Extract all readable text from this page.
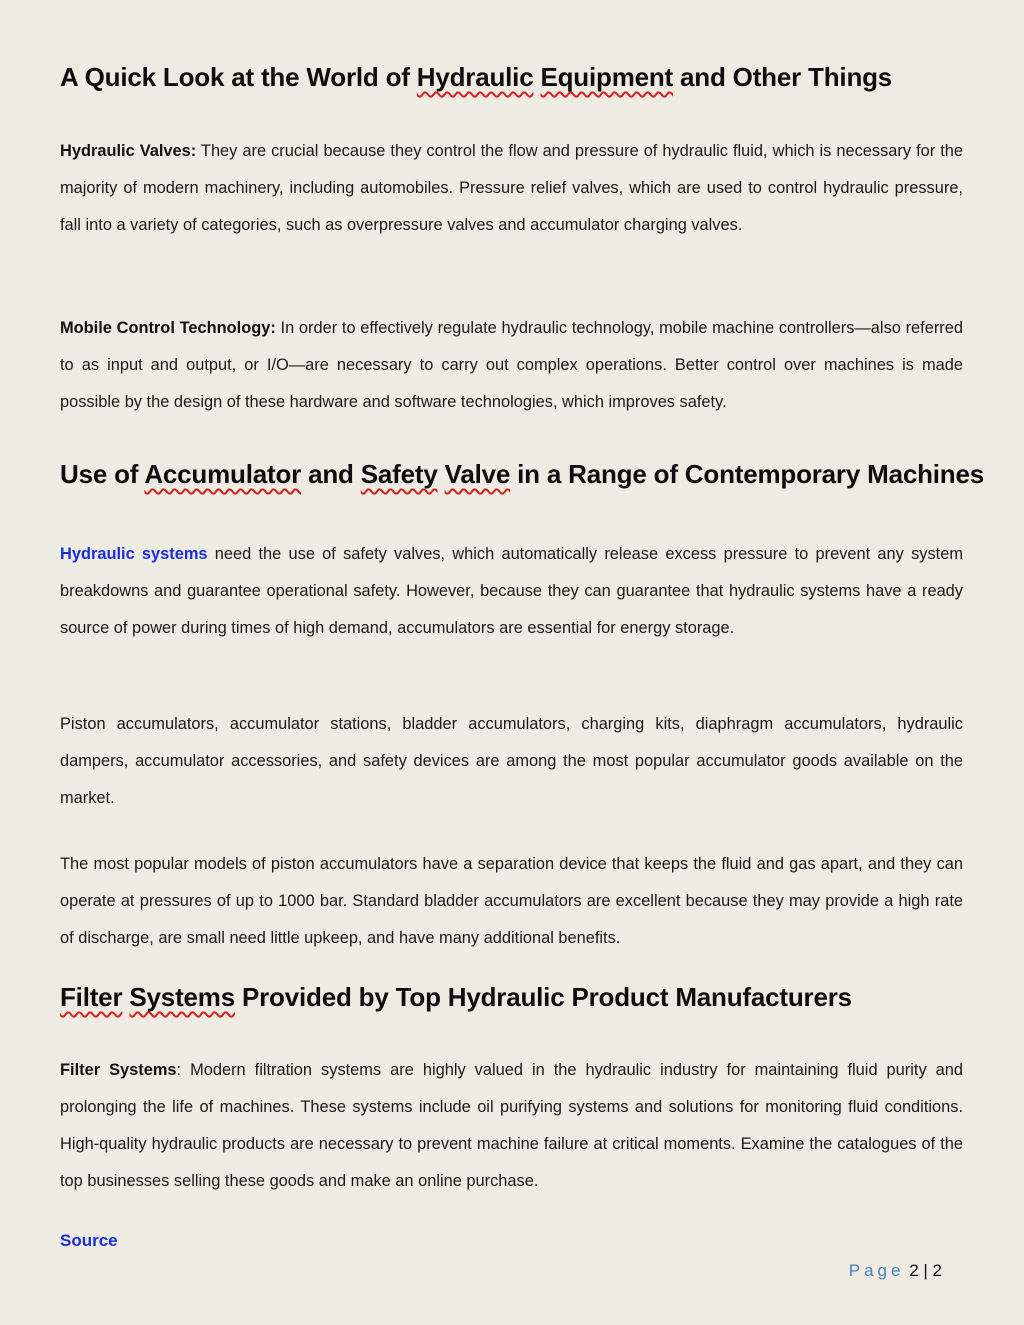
A Quick Look at the World of Hydraulic Equipment and Other Things

Hydraulic Valves: They are crucial because they control the flow and pressure of hydraulic fluid, which is necessary for the majority of modern machinery, including automobiles. Pressure relief valves, which are used to control hydraulic pressure, fall into a variety of categories, such as overpressure valves and accumulator charging valves.

Mobile Control Technology: In order to effectively regulate hydraulic technology, mobile machine controllers—also referred to as input and output, or I/O—are necessary to carry out complex operations. Better control over machines is made possible by the design of these hardware and software technologies, which improves safety.

Use of Accumulator and Safety Valve in a Range of Contemporary Machines

Hydraulic systems need the use of safety valves, which automatically release excess pressure to prevent any system breakdowns and guarantee operational safety. However, because they can guarantee that hydraulic systems have a ready source of power during times of high demand, accumulators are essential for energy storage.

Piston accumulators, accumulator stations, bladder accumulators, charging kits, diaphragm accumulators, hydraulic dampers, accumulator accessories, and safety devices are among the most popular accumulator goods available on the market.

The most popular models of piston accumulators have a separation device that keeps the fluid and gas apart, and they can operate at pressures of up to 1000 bar. Standard bladder accumulators are excellent because they may provide a high rate of discharge, are small need little upkeep, and have many additional benefits.

Filter Systems Provided by Top Hydraulic Product Manufacturers

Filter Systems: Modern filtration systems are highly valued in the hydraulic industry for maintaining fluid purity and prolonging the life of machines. These systems include oil purifying systems and solutions for monitoring fluid conditions. High-quality hydraulic products are necessary to prevent machine failure at critical moments. Examine the catalogues of the top businesses selling these goods and make an online purchase.

Source
Page 2 | 2
